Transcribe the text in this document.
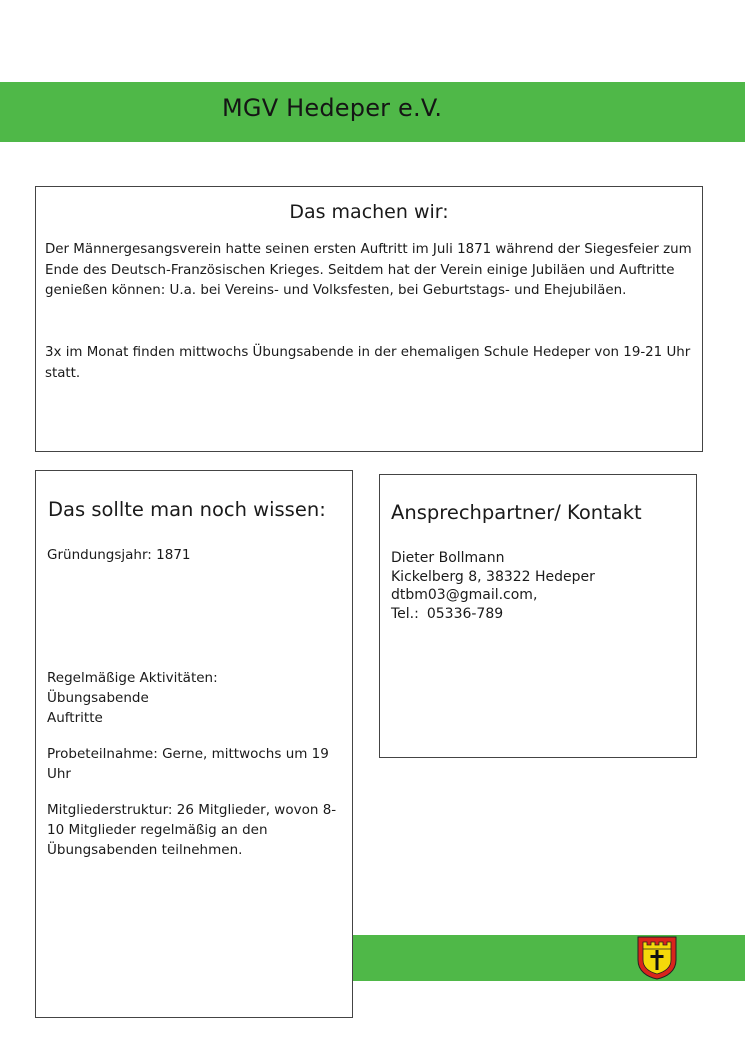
MGV Hedeper e.V.
Das machen wir:

Der Männergesangsverein hatte seinen ersten Auftritt im Juli 1871 während der Siegesfeier zum Ende des Deutsch-Französischen Krieges. Seitdem hat der Verein einige Jubiläen und Auftritte genießen können: U.a. bei Vereins- und Volksfesten, bei Geburtstags- und Ehejubiläen.

3x im Monat finden mittwochs Übungsabende in der ehemaligen Schule Hedeper von 19-21 Uhr statt.

Das sollte man noch wissen:

Gründungsjahr: 1871

Regelmäßige Aktivitäten:
Übungsabende
Auftritte

Probeteilnahme: Gerne, mittwochs um 19 Uhr

Mitgliederstruktur: 26 Mitglieder, wovon 8-10 Mitglieder regelmäßig an den Übungsabenden teilnehmen.

Ansprechpartner/ Kontakt
Dieter Bollmann
Kickelberg 8, 38322 Hedeper
dtbm03@gmail.com,
Tel.: 05336-789
